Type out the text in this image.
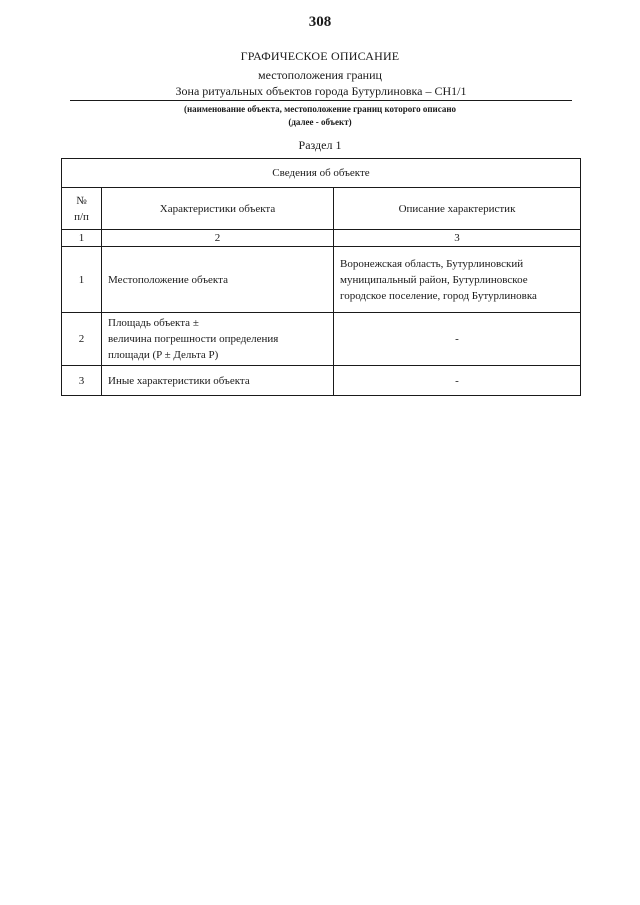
308
ГРАФИЧЕСКОЕ ОПИСАНИЕ
местоположения границ
Зона ритуальных объектов города Бутурлиновка – СН1/1
(наименование объекта, местоположение границ которого описано
(далее - объект)
Раздел 1
Сведения об объекте		

№
п/п	Характеристики объекта	Описание характеристик
1	2	3
1	Местоположение объекта	Воронежская область, Бутурлиновский
муниципальный район, Бутурлиновское
городское поселение, город Бутурлиновка

2	Площадь объекта ±
величина погрешности определения
площади (P ± Дельта P)	-
3	Иные характеристики объекта	-
